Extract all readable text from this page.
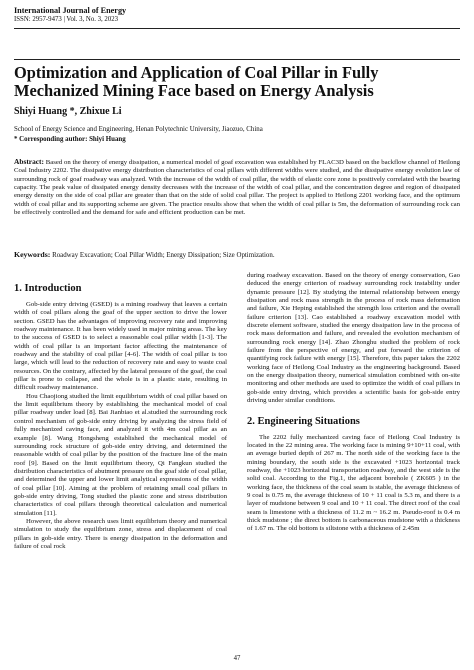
International Journal of Energy
ISSN: 2957-9473 | Vol. 3, No. 3, 2023
Optimization and Application of Coal Pillar in Fully
Mechanized Mining Face based on Energy Analysis
Shiyi Huang *, Zhixue Li
School of Energy Science and Engineering, Henan Polytechnic University, Jiaozuo, China
* Corresponding author: Shiyi Huang
Abstract: Based on the theory of energy dissipation, a numerical model of goaf excavation was established by FLAC3D based on the backflow channel of Heilong Coal Industry 2202. The dissipative energy distribution characteristics of coal pillars with different widths were studied, and the dissipative energy evolution law of surrounding rock of goaf roadway was analyzed. With the increase of the width of coal pillar, the width of elastic core zone is positively correlated with the bearing capacity. The peak value of dissipated energy density decreases with the increase of the width of coal pillar, and the concentration degree and region of dissipated energy density on the side of coal pillar are greater than that on the side of solid coal pillar. The project is applied to Heilong 2201 working face, and the optimum width of coal pillar and its supporting scheme are given. The practice results show that when the width of coal pillar is 5m, the deformation of surrounding rock can be effectively controlled and the demand for safe and efficient production can be met.
Keywords: Roadway Excavation; Coal Pillar Width; Energy Dissipation; Size Optimization.
1. Introduction

Gob-side entry driving (GSED) is a mining roadway that leaves a certain width of coal pillars along the goaf of the upper section to drive the lower section. GSED has the advantages of improving recovery rate and improving roadway maintenance. It has been widely used in major mining areas. The key to the success of GSED is to select a reasonable coal pillar width [1-3]. The width of coal pillar is an important factor affecting the maintenance of roadway and the stability of coal pillar [4-6]. The width of coal pillar is too large, which will lead to the reduction of recovery rate and easy to waste coal resources. On the contrary, affected by the lateral pressure of the goaf, the coal pillar is prone to collapse, and the whole is in a plastic state, resulting in difficult roadway maintenance.

Hou Chaojiong studied the limit equilibrium width of coal pillar based on the limit equilibrium theory by establishing the mechanical model of coal pillar roadway under load [8]. Bai Jianbiao et al.studied the surrounding rock control mechanism of gob-side entry driving by analyzing the stress field of fully mechanized caving face, and analyzed it with 4m coal pillar as an example [8]. Wang Hongsheng established the mechanical model of surrounding rock structure of gob-side entry driving, and determined the reasonable width of coal pillar by the position of the fracture line of the main roof [9]. Based on the limit equilibrium theory, Qi Fangkun studied the distribution characteristics of abutment pressure on the goaf side of coal pillar, and determined the upper and lower limit analytical expressions of the width of coal pillar [10]. Aiming at the problem of retaining small coal pillars in gob-side entry driving, Tong studied the plastic zone and stress distribution characteristics of coal pillars through theoretical calculation and numerical simulation [11].

However, the above research uses limit equilibrium theory and numerical simulation to study the equilibrium zone, stress and displacement of coal pillars in gob-side entry. There is energy dissipation in the deformation and failure of coal rock

during roadway excavation. Based on the theory of energy conservation, Gao deduced the energy criterion of roadway surrounding rock instability under dynamic pressure [12]. By studying the internal relationship between energy dissipation and rock mass strength in the process of rock mass deformation and failure, Xie Heping established the strength loss criterion and the overall failure criterion [13]. Cao established a roadway excavation model with discrete element software, studied the energy dissipation law in the process of rock mass deformation and failure, and revealed the evolution mechanism of surrounding rock energy [14]. Zhao Zhonghu studied the problem of rock failure from the perspective of energy, and put forward the criterion of quantifying rock failure with energy [15]. Therefore, this paper takes the 2202 working face of Heilong Coal Industry as the engineering background. Based on the energy dissipation theory, numerical simulation combined with on-site monitoring and other methods are used to optimize the width of coal pillars in gob-side entry driving, which provides a scientific basis for gob-side entry driving under similar conditions.

2. Engineering Situations

The 2202 fully mechanized caving face of Heilong Coal Industry is located in the 22 mining area. The working face is mining 9+10+11 coal, with an average buried depth of 267 m. The north side of the working face is the mining boundary, the south side is the excavated +1023 horizontal track roadway, the +1023 horizontal transportation roadway, and the west side is the solid coal. According to the Fig.1, the adjacent borehole ( ZK605 ) in the working face, the thickness of the coal seam is stable, the average thickness of 9 coal is 0.75 m, the average thickness of 10 + 11 coal is 5.3 m, and there is a layer of mudstone between 9 coal and 10 + 11 coal. The direct roof of the coal seam is limestone with a thickness of 11.2 m ~ 16.2 m. Pseudo-roof is 0.4 m thick mudstone ; the direct bottom is carbonaceous mudstone with a thickness of 1.67 m. The old bottom is siltstone with a thickness of 2.45m

47
